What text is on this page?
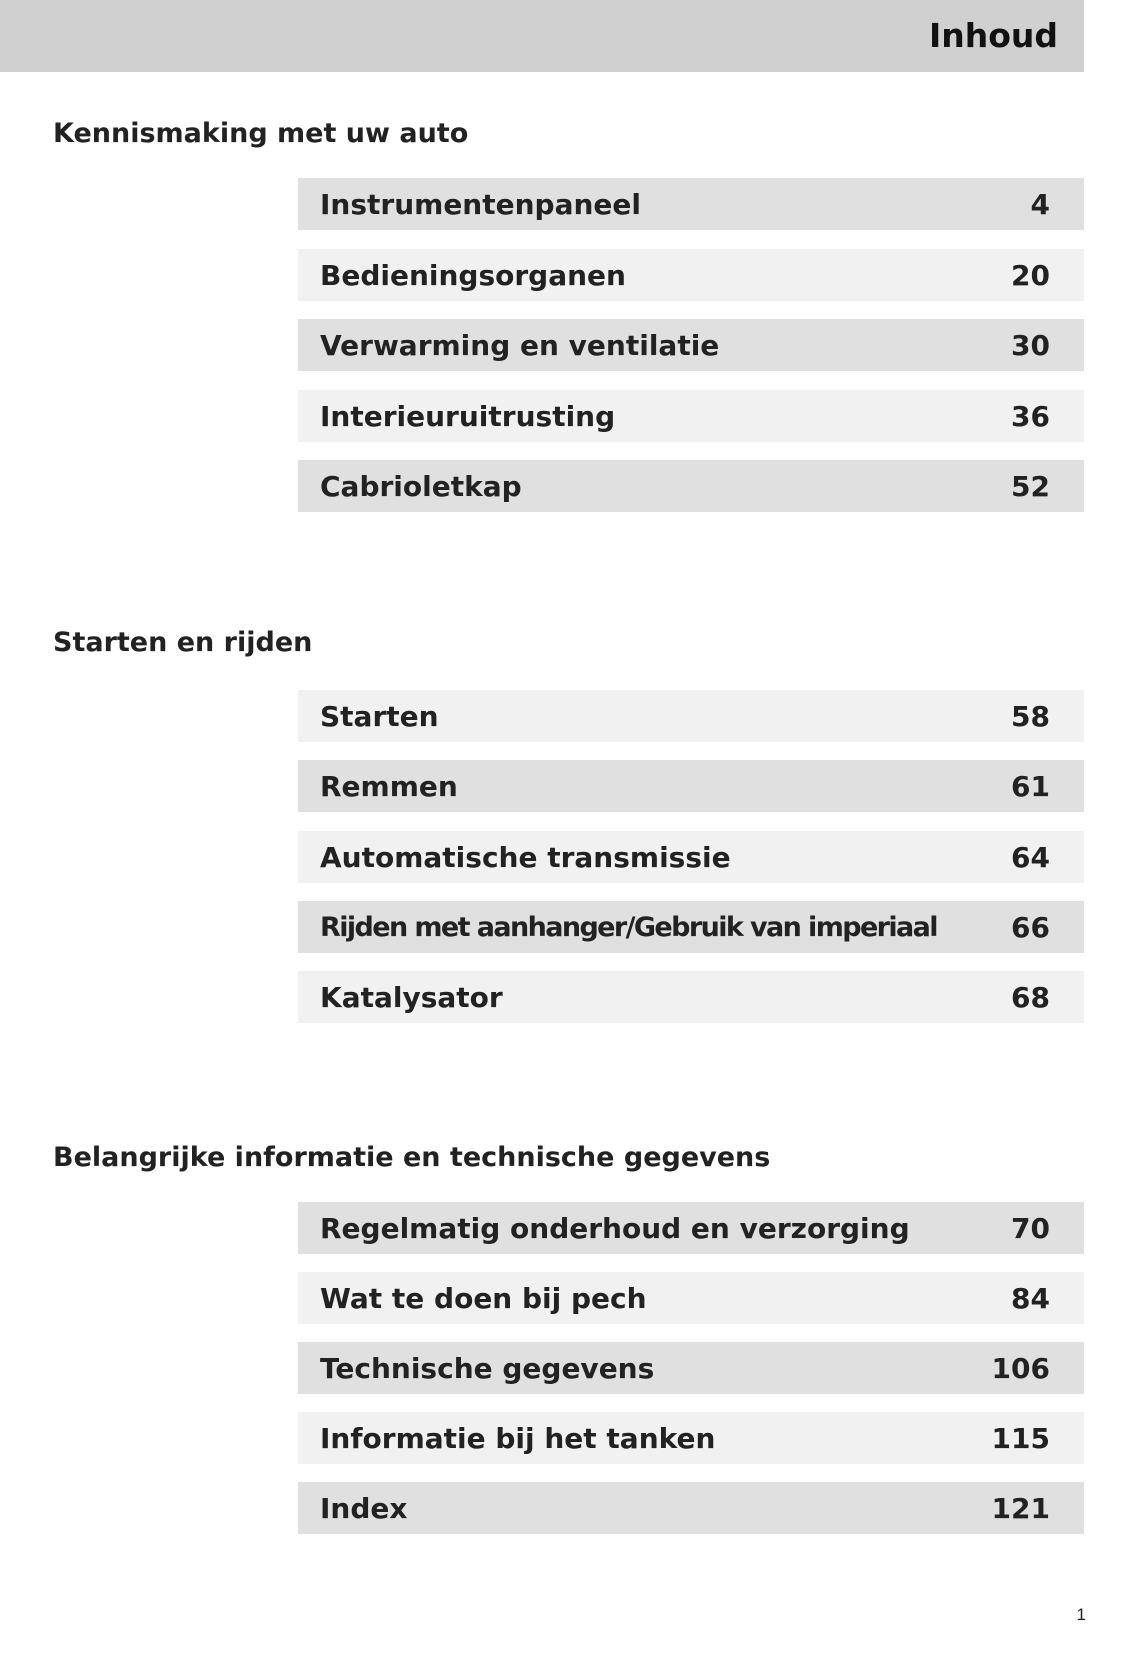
Inhoud
Kennismaking met uw auto
Instrumentenpaneel	4
Bedieningsorganen	20
Verwarming en ventilatie	30
Interieuruitrusting	36
Cabrioletkap	52
Starten en rijden
Starten	58
Remmen	61
Automatische transmissie	64
Rijden met aanhanger/Gebruik van imperiaal	66
Katalysator	68
Belangrijke informatie en technische gegevens
Regelmatig onderhoud en verzorging	70
Wat te doen bij pech	84
Technische gegevens	106
Informatie bij het tanken	115
Index	121
1
